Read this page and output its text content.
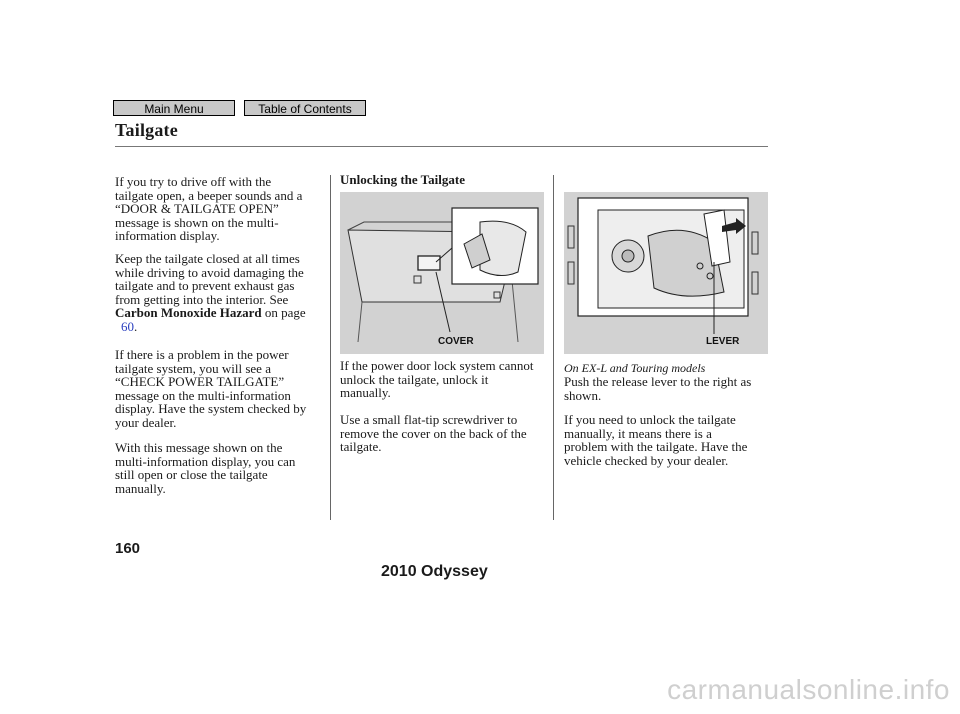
Main Menu	Table of Contents
Tailgate

If you try to drive off with the
tailgate open, a beeper sounds and a
“DOOR & TAILGATE OPEN”
message is shown on the multi-
information display.

Keep the tailgate closed at all times
while driving to avoid damaging the
tailgate and to prevent exhaust gas
from getting into the interior. See
Carbon Monoxide Hazard on page
60.

If there is a problem in the power
tailgate system, you will see a
“CHECK POWER TAILGATE”
message on the multi-information
display. Have the system checked by
your dealer.

With this message shown on the
multi-information display, you can
still open or close the tailgate
manually.

Unlocking the Tailgate
COVER

If the power door lock system cannot
unlock the tailgate, unlock it
manually.

Use a small flat-tip screwdriver to
remove the cover on the back of the
tailgate.

LEVER
On EX-L and Touring models

Push the release lever to the right as
shown.

If you need to unlock the tailgate
manually, it means there is a
problem with the tailgate. Have the
vehicle checked by your dealer.

160
2010 Odyssey
carmanualsonline.info
